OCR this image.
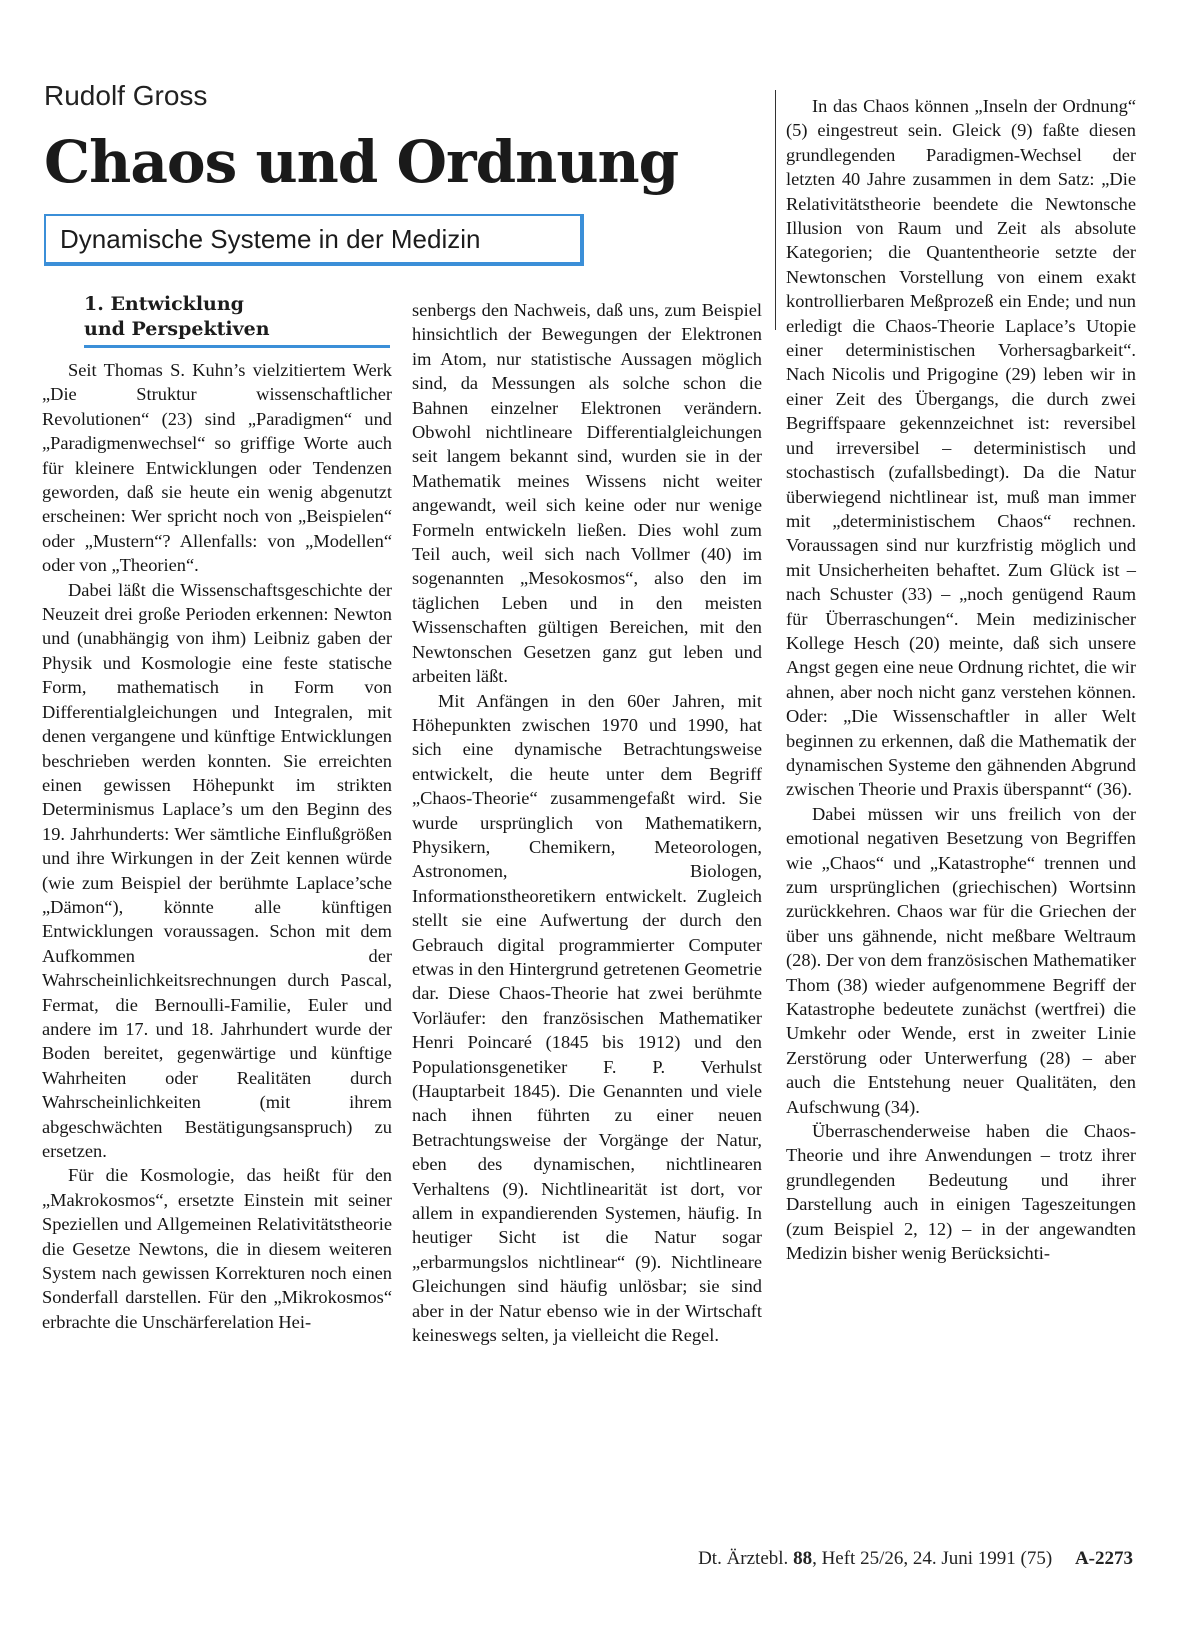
Rudolf Gross
Chaos und Ordnung
Dynamische Systeme in der Medizin
1. Entwicklung
und Perspektiven

Seit Thomas S. Kuhn’s vielzitiertem Werk „Die Struktur wissenschaftlicher Revolutionen“ (23) sind „Paradigmen“ und „Paradigmenwechsel“ so griffige Worte auch für kleinere Entwicklungen oder Tendenzen geworden, daß sie heute ein wenig abgenutzt erscheinen: Wer spricht noch von „Beispielen“ oder „Mustern“? Allenfalls: von „Modellen“ oder von „Theorien“.

Dabei läßt die Wissenschaftsgeschichte der Neuzeit drei große Perioden erkennen: Newton und (unabhängig von ihm) Leibniz gaben der Physik und Kosmologie eine feste statische Form, mathematisch in Form von Differentialgleichungen und Integralen, mit denen vergangene und künftige Entwicklungen beschrieben werden konnten. Sie erreichten einen gewissen Höhepunkt im strikten Determinismus Laplace’s um den Beginn des 19. Jahrhunderts: Wer sämtliche Einflußgrößen und ihre Wirkungen in der Zeit kennen würde (wie zum Beispiel der berühmte Laplace’sche „Dämon“), könnte alle künftigen Entwicklungen voraussagen. Schon mit dem Aufkommen der Wahrscheinlichkeitsrechnungen durch Pascal, Fermat, die Bernoulli-Familie, Euler und andere im 17. und 18. Jahrhundert wurde der Boden bereitet, gegenwärtige und künftige Wahrheiten oder Realitäten durch Wahrscheinlichkeiten (mit ihrem abgeschwächten Bestätigungsanspruch) zu ersetzen.

Für die Kosmologie, das heißt für den „Makrokosmos“, ersetzte Einstein mit seiner Speziellen und Allgemeinen Relativitätstheorie die Gesetze Newtons, die in diesem weiteren System nach gewissen Korrekturen noch einen Sonderfall darstellen. Für den „Mikrokosmos“ erbrachte die Unschärferelation Hei-

senbergs den Nachweis, daß uns, zum Beispiel hinsichtlich der Bewegungen der Elektronen im Atom, nur statistische Aussagen möglich sind, da Messungen als solche schon die Bahnen einzelner Elektronen verändern. Obwohl nichtlineare Differentialgleichungen seit langem bekannt sind, wurden sie in der Mathematik meines Wissens nicht weiter angewandt, weil sich keine oder nur wenige Formeln entwickeln ließen. Dies wohl zum Teil auch, weil sich nach Vollmer (40) im sogenannten „Mesokosmos“, also den im täglichen Leben und in den meisten Wissenschaften gültigen Bereichen, mit den Newtonschen Gesetzen ganz gut leben und arbeiten läßt.

Mit Anfängen in den 60er Jahren, mit Höhepunkten zwischen 1970 und 1990, hat sich eine dynamische Betrachtungsweise entwickelt, die heute unter dem Begriff „Chaos-Theorie“ zusammengefaßt wird. Sie wurde ursprünglich von Mathematikern, Physikern, Chemikern, Meteorologen, Astronomen, Biologen, Informationstheoretikern entwickelt. Zugleich stellt sie eine Aufwertung der durch den Gebrauch digital programmierter Computer etwas in den Hintergrund getretenen Geometrie dar. Diese Chaos-Theorie hat zwei berühmte Vorläufer: den französischen Mathematiker Henri Poincaré (1845 bis 1912) und den Populationsgenetiker F. P. Verhulst (Hauptarbeit 1845). Die Genannten und viele nach ihnen führten zu einer neuen Betrachtungsweise der Vorgänge der Natur, eben des dynamischen, nichtlinearen Verhaltens (9). Nichtlinearität ist dort, vor allem in expandierenden Systemen, häufig. In heutiger Sicht ist die Natur sogar „erbarmungslos nichtlinear“ (9). Nichtlineare Gleichungen sind häufig unlösbar; sie sind aber in der Natur ebenso wie in der Wirtschaft keineswegs selten, ja vielleicht die Regel.

In das Chaos können „Inseln der Ordnung“ (5) eingestreut sein. Gleick (9) faßte diesen grundlegenden Paradigmen-Wechsel der letzten 40 Jahre zusammen in dem Satz: „Die Relativitätstheorie beendete die Newtonsche Illusion von Raum und Zeit als absolute Kategorien; die Quantentheorie setzte der Newtonschen Vorstellung von einem exakt kontrollierbaren Meßprozeß ein Ende; und nun erledigt die Chaos-Theorie Laplace’s Utopie einer deterministischen Vorhersagbarkeit“. Nach Nicolis und Prigogine (29) leben wir in einer Zeit des Übergangs, die durch zwei Begriffspaare gekennzeichnet ist: reversibel und irreversibel – deterministisch und stochastisch (zufallsbedingt). Da die Natur überwiegend nichtlinear ist, muß man immer mit „deterministischem Chaos“ rechnen. Voraussagen sind nur kurzfristig möglich und mit Unsicherheiten behaftet. Zum Glück ist – nach Schuster (33) – „noch genügend Raum für Überraschungen“. Mein medizinischer Kollege Hesch (20) meinte, daß sich unsere Angst gegen eine neue Ordnung richtet, die wir ahnen, aber noch nicht ganz verstehen können. Oder: „Die Wissenschaftler in aller Welt beginnen zu erkennen, daß die Mathematik der dynamischen Systeme den gähnenden Abgrund zwischen Theorie und Praxis überspannt“ (36).

Dabei müssen wir uns freilich von der emotional negativen Besetzung von Begriffen wie „Chaos“ und „Katastrophe“ trennen und zum ursprünglichen (griechischen) Wortsinn zurückkehren. Chaos war für die Griechen der über uns gähnende, nicht meßbare Weltraum (28). Der von dem französischen Mathematiker Thom (38) wieder aufgenommene Begriff der Katastrophe bedeutete zunächst (wertfrei) die Umkehr oder Wende, erst in zweiter Linie Zerstörung oder Unterwerfung (28) – aber auch die Entstehung neuer Qualitäten, den Aufschwung (34).

Überraschenderweise haben die Chaos-Theorie und ihre Anwendungen – trotz ihrer grundlegenden Bedeutung und ihrer Darstellung auch in einigen Tageszeitungen (zum Beispiel 2, 12) – in der angewandten Medizin bisher wenig Berücksichti-

Dt. Ärztebl. 88, Heft 25/26, 24. Juni 1991 (75) A-2273
